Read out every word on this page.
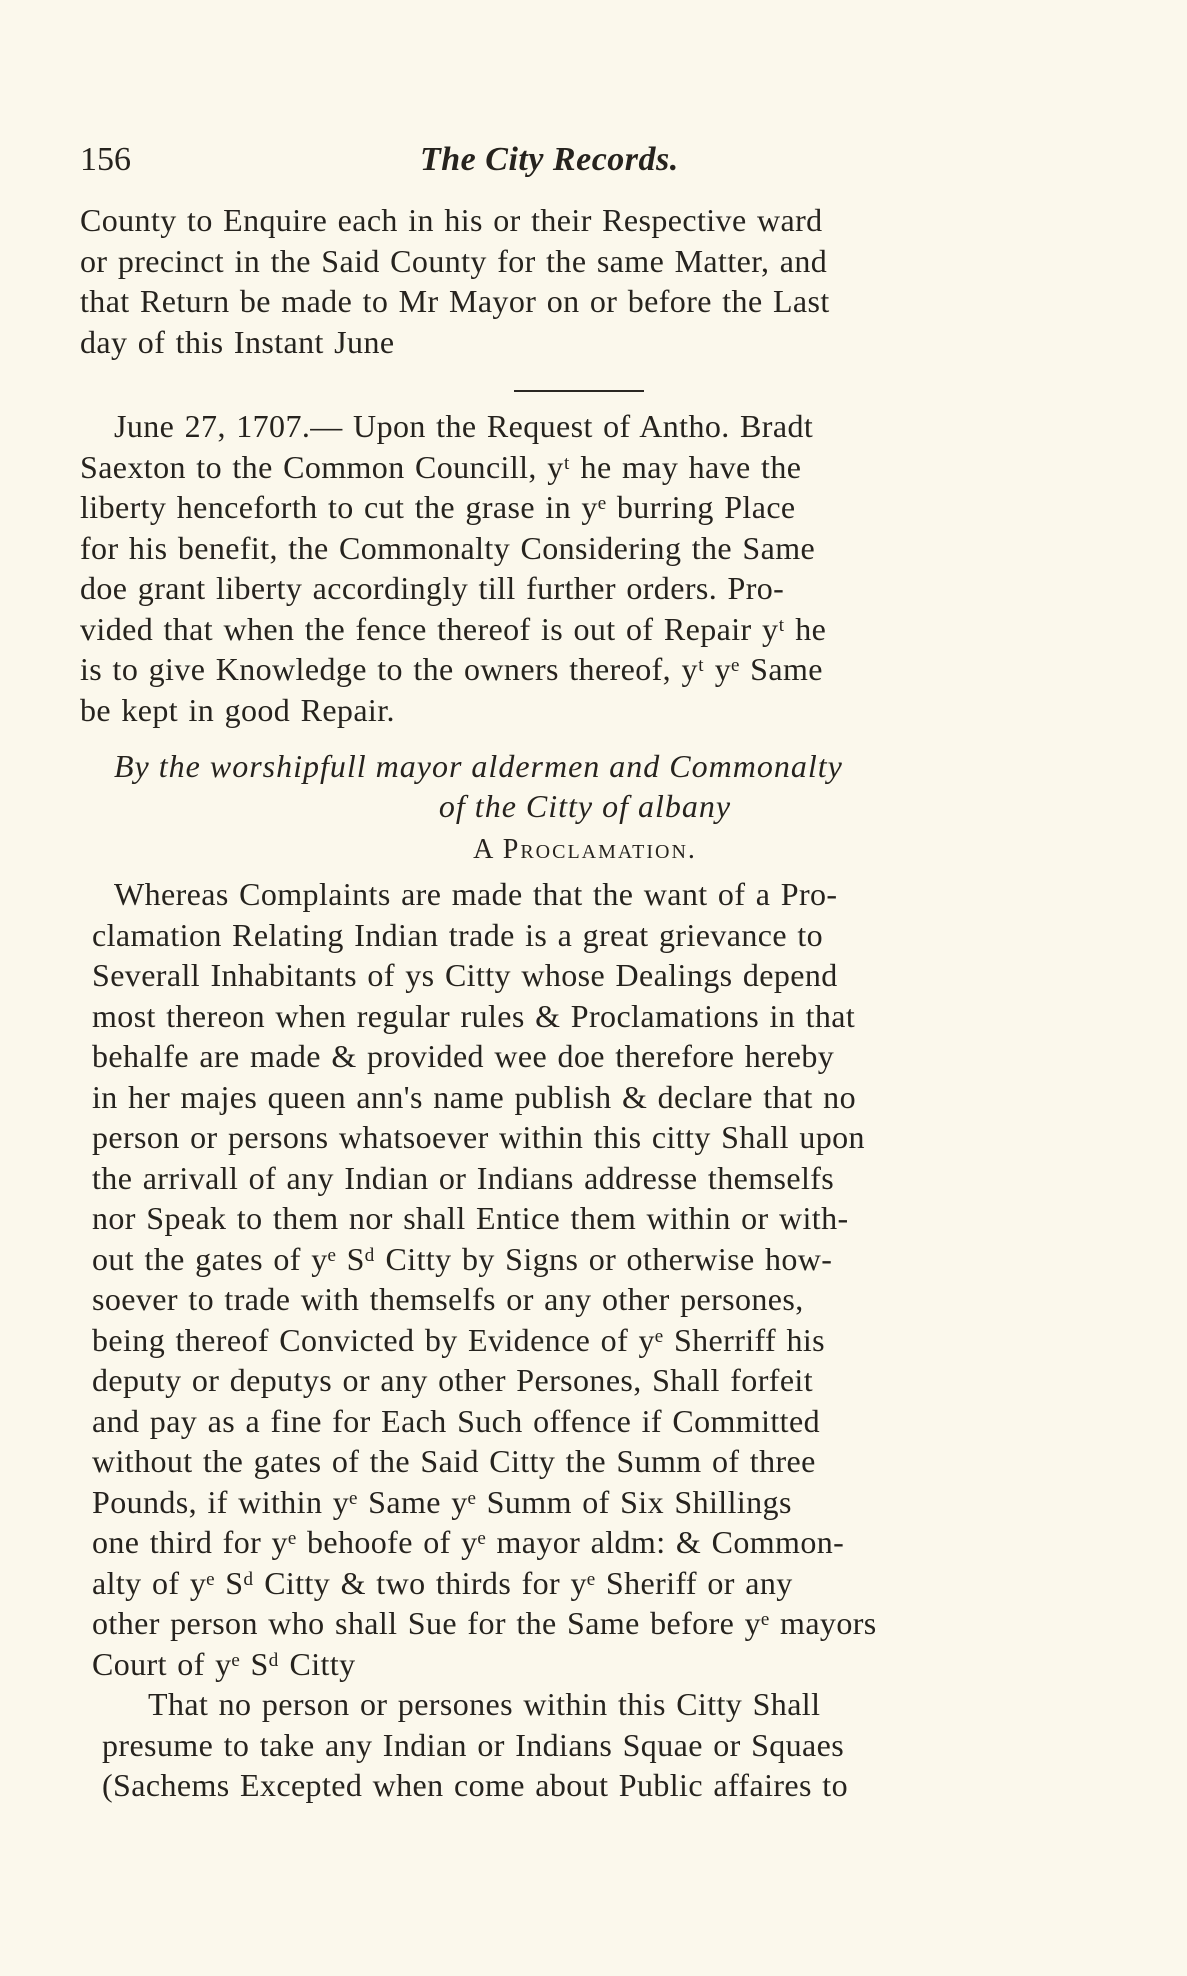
156	The City Records.
County to Enquire each in his or their Respective ward
or precinct in the Said County for the same Matter, and
that Return be made to Mr Mayor on or before the Last
day of this Instant June
June 27, 1707.— Upon the Request of Antho. Bradt
Saexton to the Common Councill, yᵗ he may have the
liberty henceforth to cut the grase in yᵉ burring Place
for his benefit, the Commonalty Considering the Same
doe grant liberty accordingly till further orders. Pro-
vided that when the fence thereof is out of Repair yᵗ he
is to give Knowledge to the owners thereof, yᵗ yᵉ Same
be kept in good Repair.
By the worshipfull mayor aldermen and Commonalty
of the Citty of albany
A Proclamation.
Whereas Complaints are made that the want of a Pro-
clamation Relating Indian trade is a great grievance to
Severall Inhabitants of ys Citty whose Dealings depend
most thereon when regular rules & Proclamations in that
behalfe are made & provided wee doe therefore hereby
in her majes queen ann's name publish & declare that no
person or persons whatsoever within this citty Shall upon
the arrivall of any Indian or Indians addresse themselfs
nor Speak to them nor shall Entice them within or with-
out the gates of yᵉ Sᵈ Citty by Signs or otherwise how-
soever to trade with themselfs or any other persones,
being thereof Convicted by Evidence of yᵉ Sherriff his
deputy or deputys or any other Persones, Shall forfeit
and pay as a fine for Each Such offence if Committed
without the gates of the Said Citty the Summ of three
Pounds, if within yᵉ Same yᵉ Summ of Six Shillings
one third for yᵉ behoofe of yᵉ mayor aldm: & Common-
alty of yᵉ Sᵈ Citty & two thirds for yᵉ Sheriff or any
other person who shall Sue for the Same before yᵉ mayors
Court of yᵉ Sᵈ Citty
That no person or persones within this Citty Shall
presume to take any Indian or Indians Squae or Squaes
(Sachems Excepted when come about Public affaires to
